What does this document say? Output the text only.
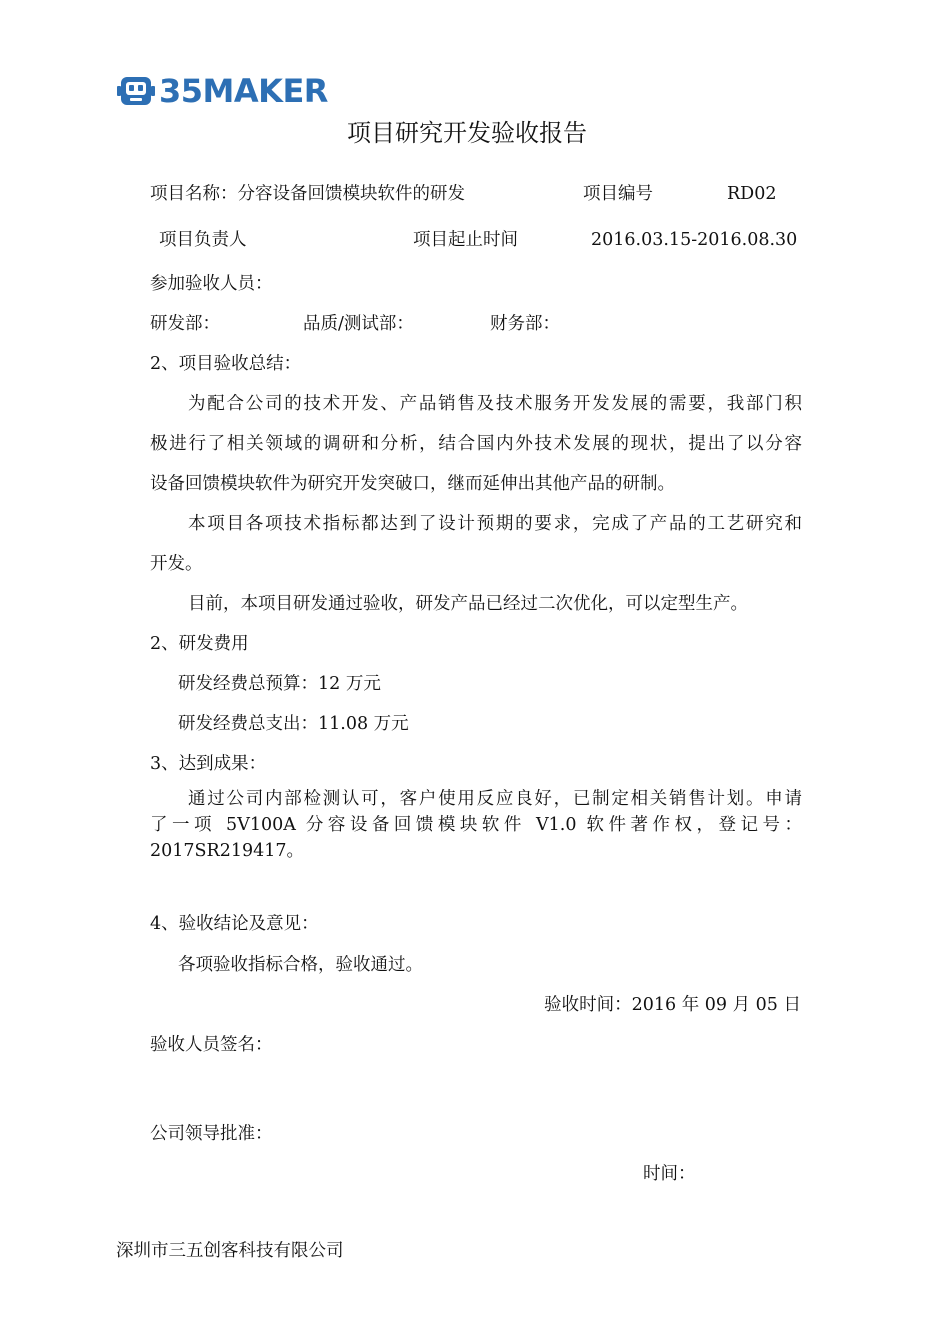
35MAKER
项目研究开发验收报告
项目名称：分容设备回馈模块软件的研发	项目编号	RD02
项目负责人	项目起止时间	2016.03.15-2016.08.30
参加验收人员：
研发部：	品质/测试部：	财务部：
2、项目验收总结：
为配合公司的技术开发、产品销售及技术服务开发发展的需要，我部门积
极进行了相关领域的调研和分析，结合国内外技术发展的现状，提出了以分容
设备回馈模块软件为研究开发突破口，继而延伸出其他产品的研制。
本项目各项技术指标都达到了设计预期的要求，完成了产品的工艺研究和
开发。
目前，本项目研发通过验收，研发产品已经过二次优化，可以定型生产。
2、研发费用
研发经费总预算：12 万元
研发经费总支出：11.08 万元
3、达到成果：
通过公司内部检测认可，客户使用反应良好，已制定相关销售计划。申请
了一项 5V100A 分容设备回馈模块软件 V1.0 软件著作权，登记号：
2017SR219417。
4、验收结论及意见：
各项验收指标合格，验收通过。
验收时间：2016 年 09 月 05 日
验收人员签名：
公司领导批准：
时间：
深圳市三五创客科技有限公司
